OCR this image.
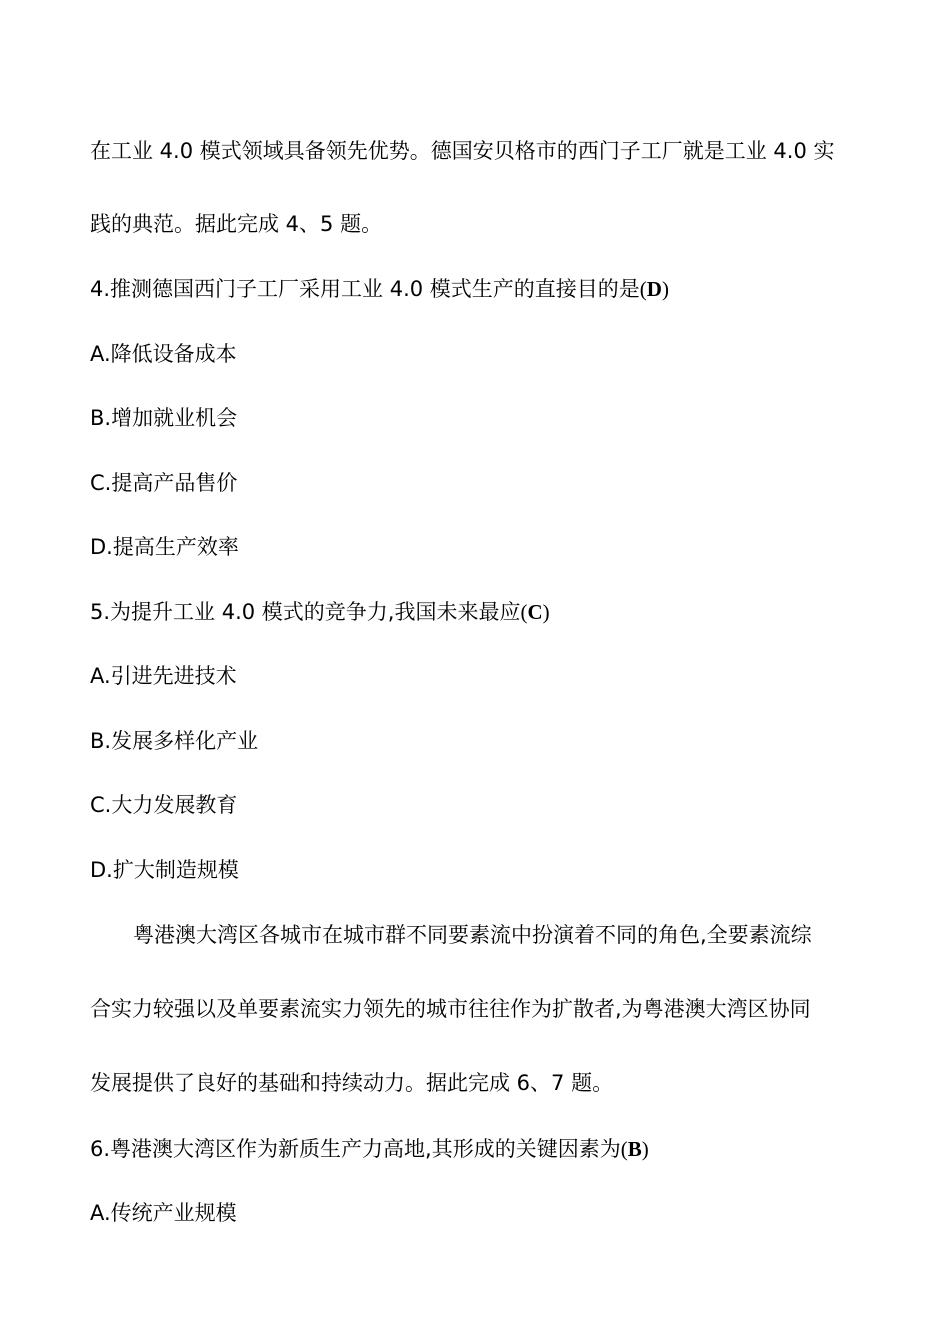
在工业 4.0 模式领域具备领先优势。德国安贝格市的西门子工厂就是工业 4.0 实
践的典范。据此完成 4、5 题。
4.推测德国西门子工厂采用工业 4.0 模式生产的直接目的是(D)
A.降低设备成本
B.增加就业机会
C.提高产品售价
D.提高生产效率
5.为提升工业 4.0 模式的竞争力,我国未来最应(C)
A.引进先进技术
B.发展多样化产业
C.大力发展教育
D.扩大制造规模
粤港澳大湾区各城市在城市群不同要素流中扮演着不同的角色,全要素流综
合实力较强以及单要素流实力领先的城市往往作为扩散者,为粤港澳大湾区协同
发展提供了良好的基础和持续动力。据此完成 6、7 题。
6.粤港澳大湾区作为新质生产力高地,其形成的关键因素为(B)
A.传统产业规模
